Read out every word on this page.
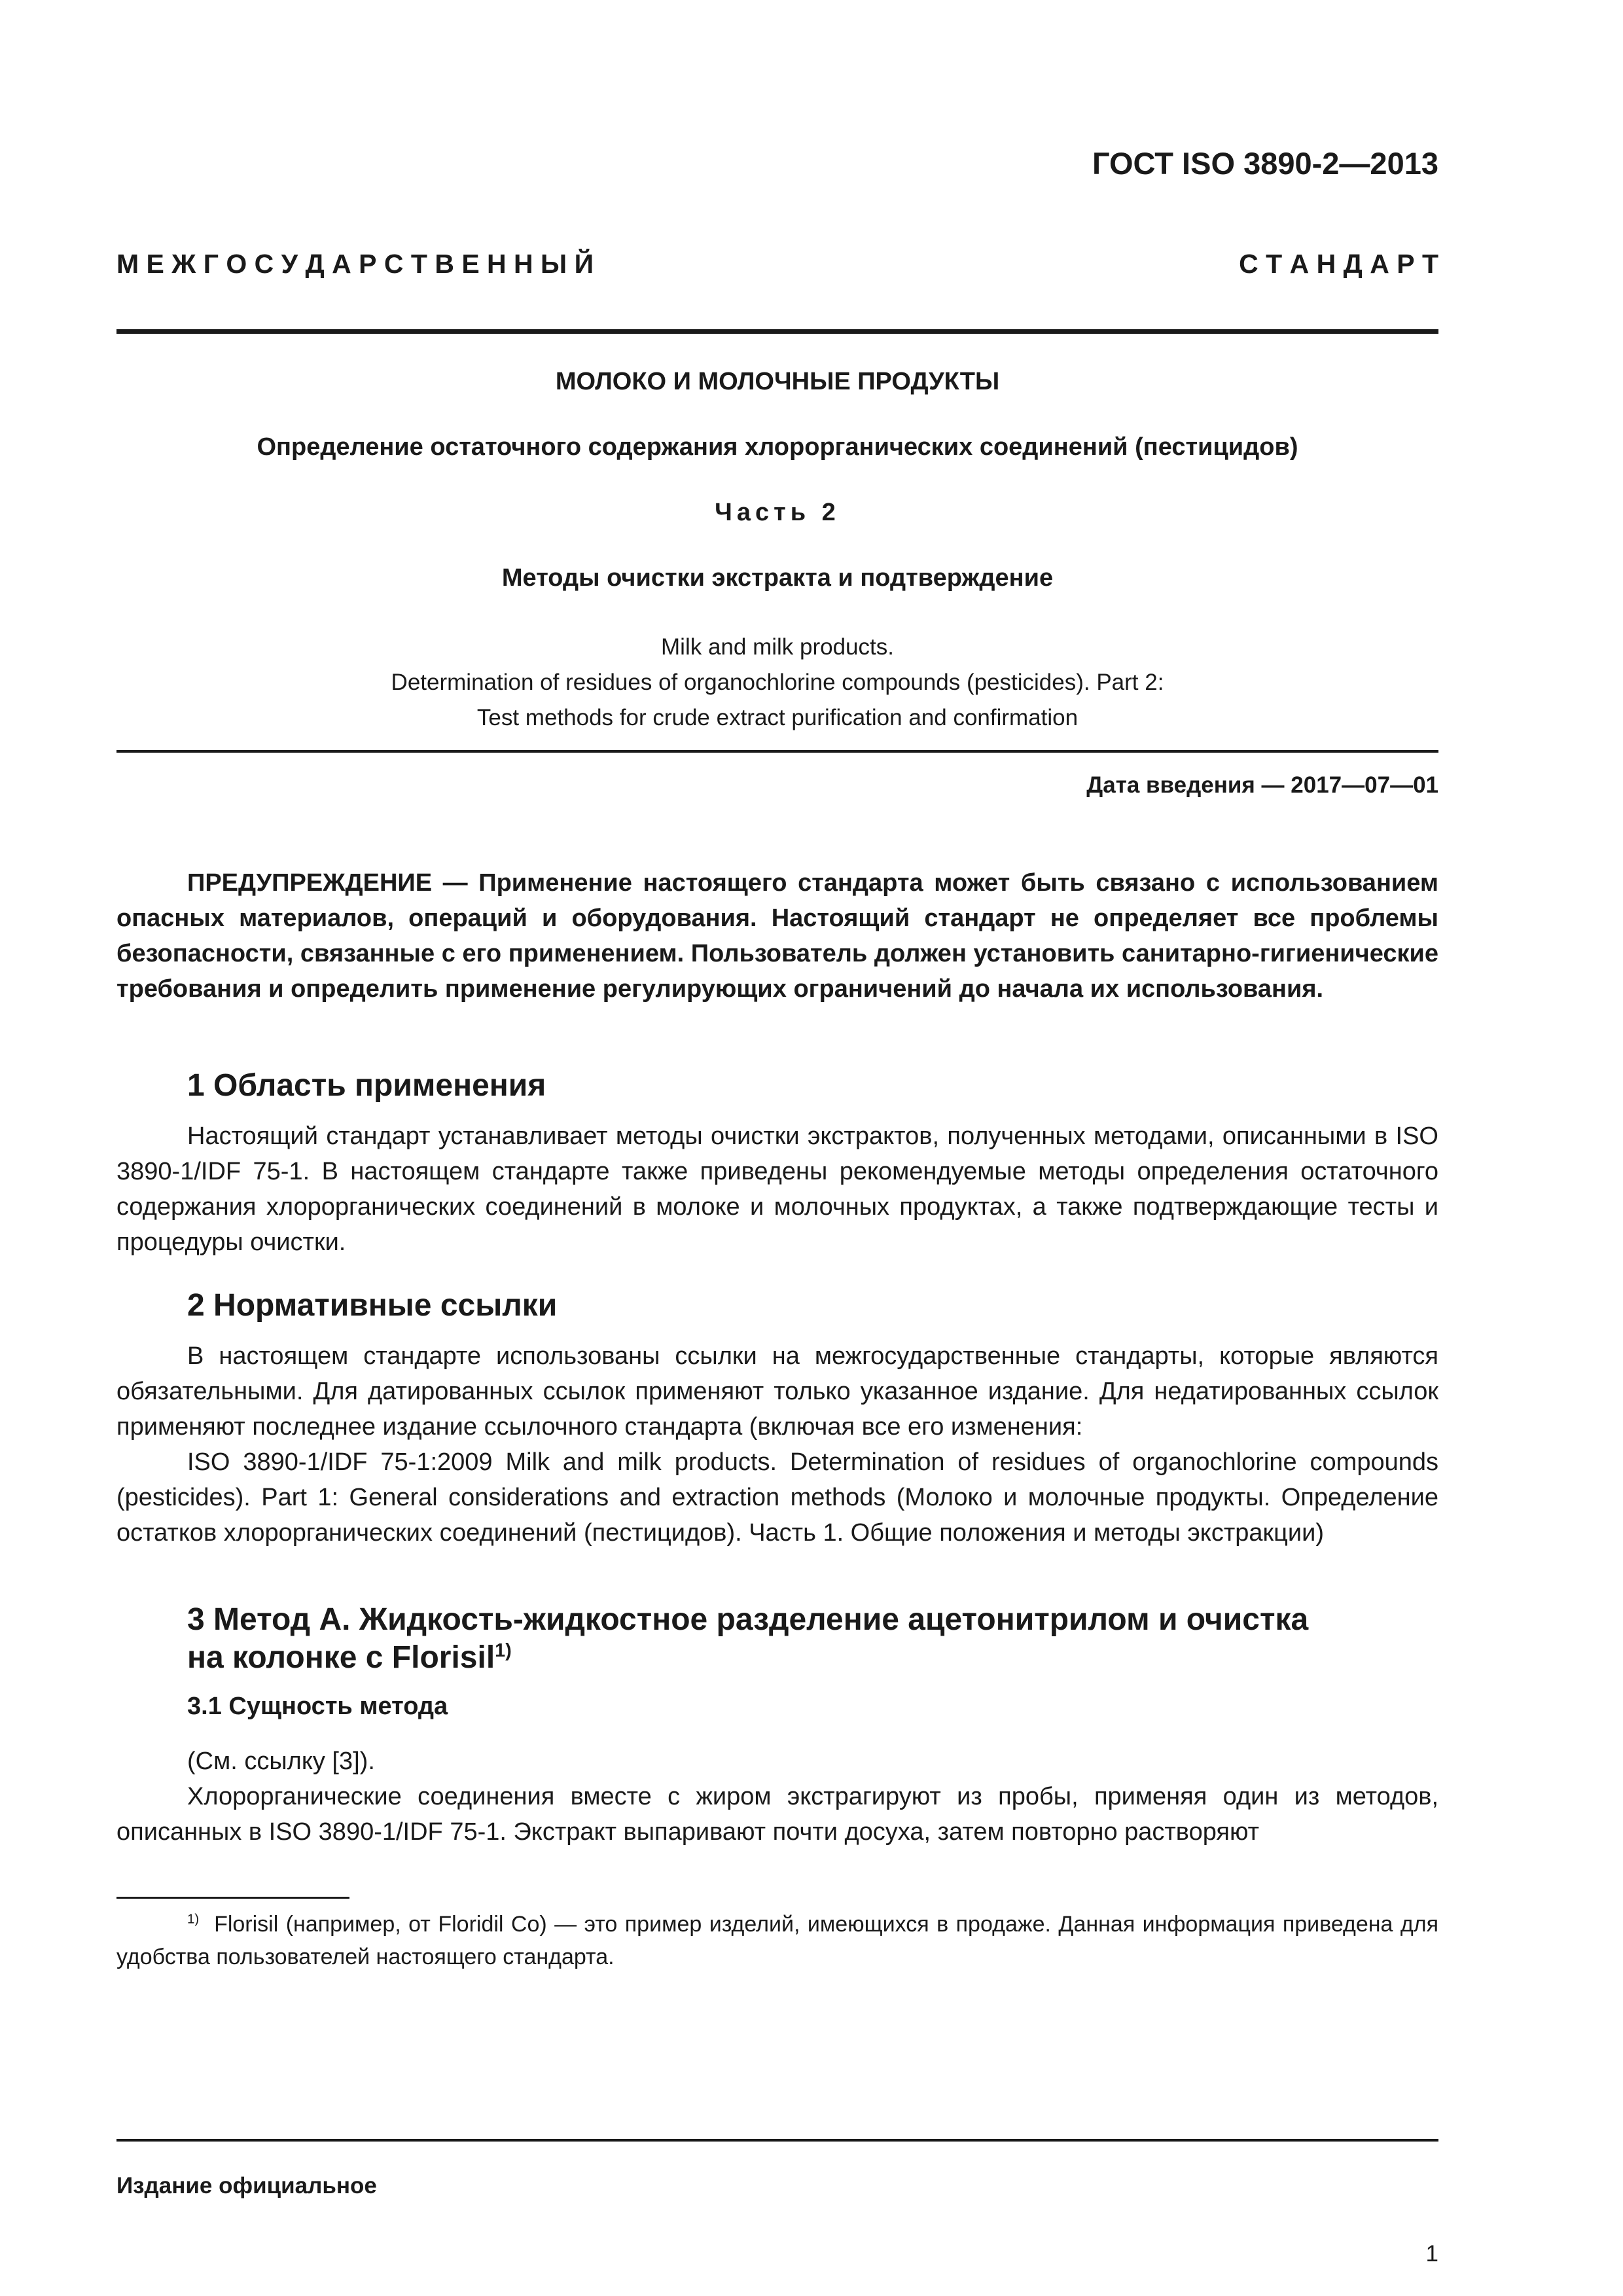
ГОСТ ISO 3890-2—2013
М Е Ж Г О С У Д А Р С Т В Е Н Н Ы Й	С Т А Н Д А Р Т
МОЛОКО И МОЛОЧНЫЕ ПРОДУКТЫ
Определение остаточного содержания хлорорганических соединений (пестицидов)
Часть 2
Методы очистки экстракта и подтверждение
Milk and milk products.
Determination of residues of organochlorine compounds (pesticides). Part 2:
Test methods for crude extract purification and confirmation
Дата введения — 2017—07—01
ПРЕДУПРЕЖДЕНИЕ — Применение настоящего стандарта может быть связано с использованием опасных материалов, операций и оборудования. Настоящий стандарт не определяет все проблемы безопасности, связанные с его применением. Пользователь должен установить санитарно-гигиенические требования и определить применение регулирующих ограничений до начала их использования.
1 Область применения
Настоящий стандарт устанавливает методы очистки экстрактов, полученных методами, описанными в ISO 3890-1/IDF 75-1. В настоящем стандарте также приведены рекомендуемые методы определения остаточного содержания хлорорганических соединений в молоке и молочных продуктах, а также подтверждающие тесты и процедуры очистки.
2 Нормативные ссылки

В настоящем стандарте использованы ссылки на межгосударственные стандарты, которые являются обязательными. Для датированных ссылок применяют только указанное издание. Для недатированных ссылок применяют последнее издание ссылочного стандарта (включая все его изменения:

ISO 3890-1/IDF 75-1:2009 Milk and milk products. Determination of residues of organochlorine compounds (pesticides). Part 1: General considerations and extraction methods (Молоко и молочные продукты. Определение остатков хлорорганических соединений (пестицидов). Часть 1. Общие положения и методы экстракции)

3 Метод А. Жидкость-жидкостное разделение ацетонитрилом и очистка
на колонке с Florisil$^{1)}$
3.1 Сущность метода
(См. ссылку [3]).
Хлорорганические соединения вместе с жиром экстрагируют из пробы, применяя один из методов, описанных в ISO 3890-1/IDF 75-1. Экстракт выпаривают почти досуха, затем повторно растворяют
$^{1)}$ Florisil (например, от Floridil Co) — это пример изделий, имеющихся в продаже. Данная информация приведена для удобства пользователей настоящего стандарта.
Издание официальное
1
